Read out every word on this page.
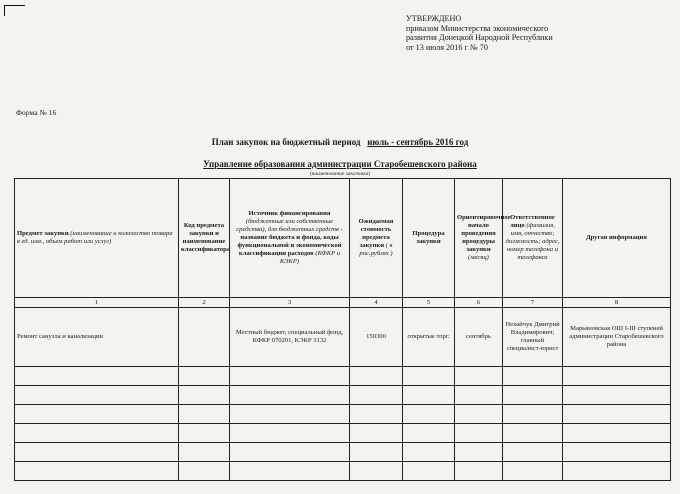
УТВЕРЖДЕНО
приказом Министерства экономического
развития Донецкой Народной Республики
от 13 июля 2016 г № 70
Форма № 16
План закупок на бюджетный период июль - сентябрь 2016 год
Управление образования администрации Старобешевского района
(наименование заказчика)
Предмет закупки (наименование и количество товара в ед. изм., объем работ или услуг)	Код предмета закупки и наименование классификатора	Источник финансирования (бюджетные или собственные средства), для бюджетных средств - название бюджета и фонда, коды функциональной и экономической классификации расходов (КФКР и КЭКР)	Ожидаемая стоимость предмета закупки ( в рос.рублях )	Процедура закупки	Ориентировочное начало проведения процедуры закупки (месяц)	Ответственное лицо (фамилия, имя, отчество; должность; адрес, номер телефона и телефакса	Другая информация
1	2	3	4	5	6	7	8
Ремонт санузла и канализации		Местный бюджет, специальный фонд, КФКР 070201, КЭКР 3132	150300	открытые торг.	сентябрь	Нехайчук Дмитрий Владимирович; главный специалист-юрист	Марьяновская ОШ I-III ступеней администрации Старобешевского района
